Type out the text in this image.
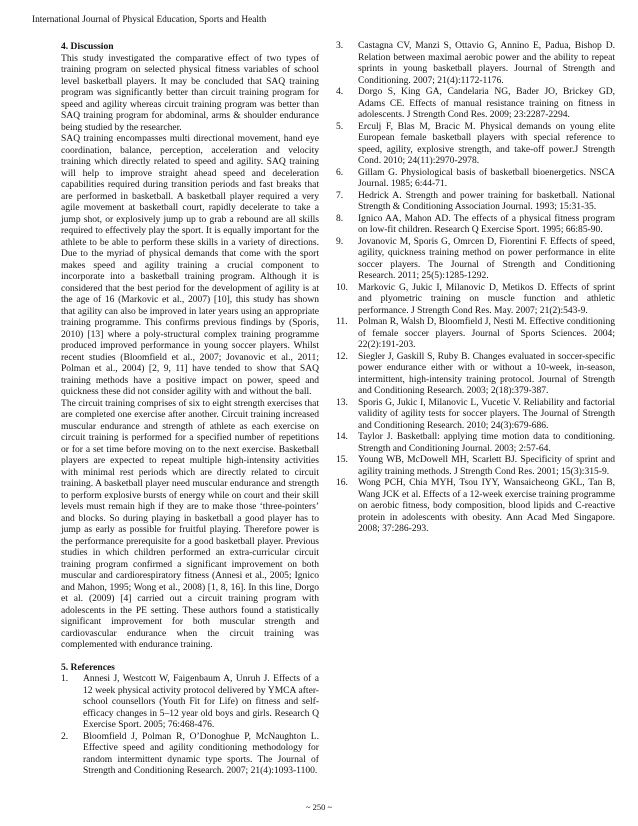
International Journal of Physical Education, Sports and Health
4. Discussion

This study investigated the comparative effect of two types of training program on selected physical fitness variables of school level basketball players. It may be concluded that SAQ training program was significantly better than circuit training program for speed and agility whereas circuit training program was better than SAQ training program for abdominal, arms & shoulder endurance being studied by the researcher.

SAQ training encompasses multi directional movement, hand eye coordination, balance, perception, acceleration and velocity training which directly related to speed and agility. SAQ training will help to improve straight ahead speed and deceleration capabilities required during transition periods and fast breaks that are performed in basketball. A basketball player required a very agile movement at basketball court, rapidly decelerate to take a jump shot, or explosively jump up to grab a rebound are all skills required to effectively play the sport. It is equally important for the athlete to be able to perform these skills in a variety of directions. Due to the myriad of physical demands that come with the sport makes speed and agility training a crucial component to incorporate into a basketball training program. Although it is considered that the best period for the development of agility is at the age of 16 (Markovic et al., 2007) [10], this study has shown that agility can also be improved in later years using an appropriate training programme. This confirms previous findings by (Sporis, 2010) [13] where a poly-structural complex training programme produced improved performance in young soccer players. Whilst recent studies (Bloomfield et al., 2007; Jovanovic et al., 2011; Polman et al., 2004) [2, 9, 11] have tended to show that SAQ training methods have a positive impact on power, speed and quickness these did not consider agility with and without the ball.

The circuit training comprises of six to eight strength exercises that are completed one exercise after another. Circuit training increased muscular endurance and strength of athlete as each exercise on circuit training is performed for a specified number of repetitions or for a set time before moving on to the next exercise. Basketball players are expected to repeat multiple high-intensity activities with minimal rest periods which are directly related to circuit training. A basketball player need muscular endurance and strength to perform explosive bursts of energy while on court and their skill levels must remain high if they are to make those ‘three-pointers’ and blocks. So during playing in basketball a good player has to jump as early as possible for fruitful playing. Therefore power is the performance prerequisite for a good basketball player. Previous studies in which children performed an extra-curricular circuit training program confirmed a significant improvement on both muscular and cardiorespiratory fitness (Annesi et al., 2005; Ignico and Mahon, 1995; Wong et al., 2008) [1, 8, 16]. In this line, Dorgo et al. (2009) [4] carried out a circuit training program with adolescents in the PE setting. These authors found a statistically significant improvement for both muscular strength and cardiovascular endurance when the circuit training was complemented with endurance training.

5. References
1. Annesi J, Westcott W, Faigenbaum A, Unruh J. Effects of a 12 week physical activity protocol delivered by YMCA after-school counsellors (Youth Fit for Life) on fitness and self-efficacy changes in 5–12 year old boys and girls. Research Q Exercise Sport. 2005; 76:468-476.
2. Bloomfield J, Polman R, O’Donoghue P, McNaughton L. Effective speed and agility conditioning methodology for random intermittent dynamic type sports. The Journal of Strength and Conditioning Research. 2007; 21(4):1093-1100.
3. Castagna CV, Manzi S, Ottavio G, Annino E, Padua, Bishop D. Relation between maximal aerobic power and the ability to repeat sprints in young basketball players. Journal of Strength and Conditioning. 2007; 21(4):1172-1176.
4. Dorgo S, King GA, Candelaria NG, Bader JO, Brickey GD, Adams CE. Effects of manual resistance training on fitness in adolescents. J Strength Cond Res. 2009; 23:2287-2294.
5. Erculj F, Blas M, Bracic M. Physical demands on young elite European female basketball players with special reference to speed, agility, explosive strength, and take-off power.J Strength Cond. 2010; 24(11):2970-2978.
6. Gillam G. Physiological basis of basketball bioenergetics. NSCA Journal. 1985; 6:44-71.
7. Hedrick A. Strength and power training for basketball. National Strength & Conditioning Association Journal. 1993; 15:31-35.
8. Ignico AA, Mahon AD. The effects of a physical fitness program on low-fit children. Research Q Exercise Sport. 1995; 66:85-90.
9. Jovanovic M, Sporis G, Omrcen D, Fiorentini F. Effects of speed, agility, quickness training method on power performance in elite soccer players. The Journal of Strength and Conditioning Research. 2011; 25(5):1285-1292.
10. Markovic G, Jukic I, Milanovic D, Metikos D. Effects of sprint and plyometric training on muscle function and athletic performance. J Strength Cond Res. May. 2007; 21(2):543-9.
11. Polman R, Walsh D, Bloomfield J, Nesti M. Effective conditioning of female soccer players. Journal of Sports Sciences. 2004; 22(2):191-203.
12. Siegler J, Gaskill S, Ruby B. Changes evaluated in soccer-specific power endurance either with or without a 10-week, in-season, intermittent, high-intensity training protocol. Journal of Strength and Conditioning Research. 2003; 2(18):379-387.
13. Sporis G, Jukic I, Milanovic L, Vucetic V. Reliability and factorial validity of agility tests for soccer players. The Journal of Strength and Conditioning Research. 2010; 24(3):679-686.
14. Taylor J. Basketball: applying time motion data to conditioning. Strength and Conditioning Journal. 2003; 2:57-64.
15. Young WB, McDowell MH, Scarlett BJ. Specificity of sprint and agility training methods. J Strength Cond Res. 2001; 15(3):315-9.
16. Wong PCH, Chia MYH, Tsou IYY, Wansaicheong GKL, Tan B, Wang JCK et al. Effects of a 12-week exercise training programme on aerobic fitness, body composition, blood lipids and C-reactive protein in adolescents with obesity. Ann Acad Med Singapore. 2008; 37:286-293.
~ 250 ~
